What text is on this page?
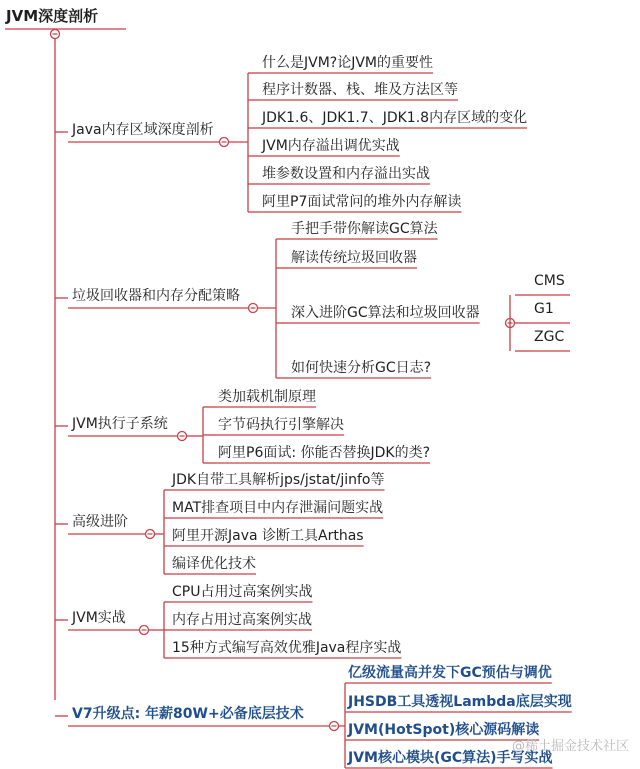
JVM深度剖析
Java内存区域深度剖析
什么是JVM?论JVM的重要性
程序计数器、栈、堆及方法区等
JDK1.6、JDK1.7、JDK1.8内存区域的变化
JVM内存溢出调优实战
堆参数设置和内存溢出实战
阿里P7面试常问的堆外内存解读
垃圾回收器和内存分配策略
手把手带你解读GC算法
解读传统垃圾回收器
深入进阶GC算法和垃圾回收器
CMS
G1
ZGC
如何快速分析GC日志?
JVM执行子系统
类加载机制原理
字节码执行引擎解决
阿里P6面试: 你能否替换JDK的类?
高级进阶
JDK自带工具解析jps/jstat/jinfo等
MAT排查项目中内存泄漏问题实战
阿里开源Java 诊断工具Arthas
编译优化技术
JVM实战
CPU占用过高案例实战
内存占用过高案例实战
15种方式编写高效优雅Java程序实战
V7升级点: 年薪80W+必备底层技术
亿级流量高并发下GC预估与调优
JHSDB工具透视Lambda底层实现
JVM(HotSpot)核心源码解读
JVM核心模块(GC算法)手写实战
@稀土掘金技术社区
